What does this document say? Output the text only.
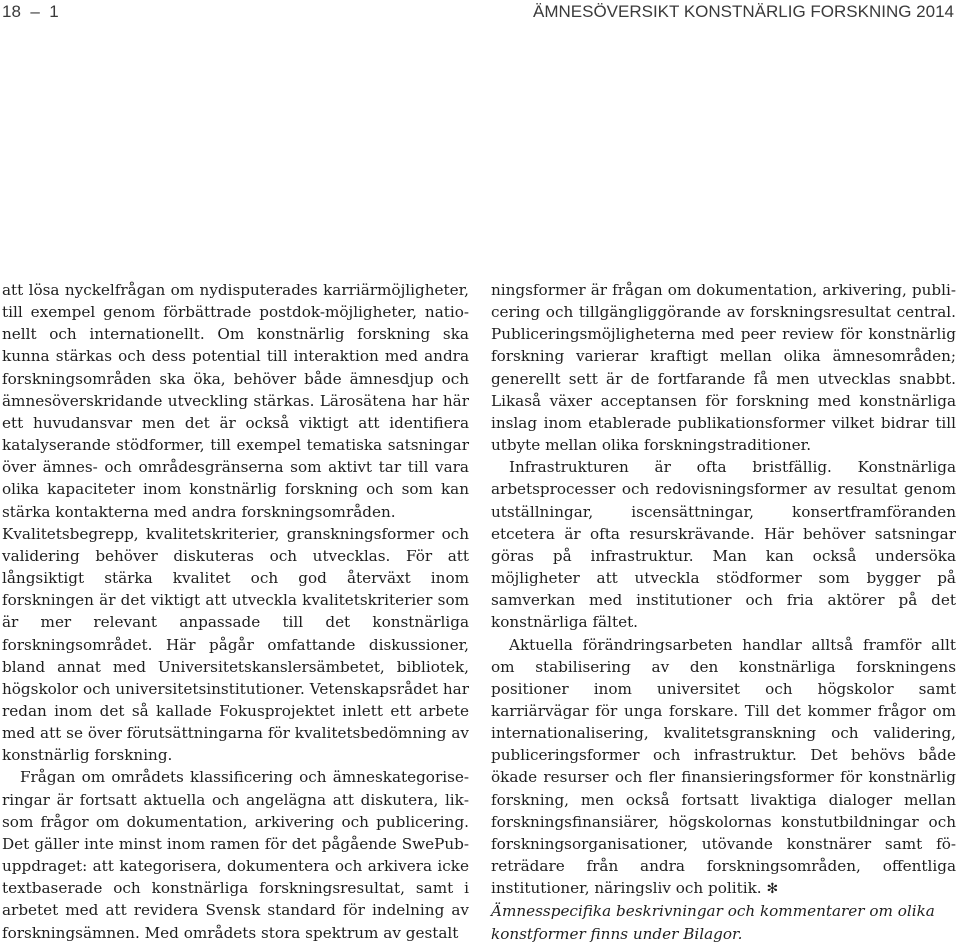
18  –  1	ÄMNESÖVERSIKT KONSTNÄRLIG FORSKNING 2014

att lösa nyckelfrågan om nydisputerades karriärmöjligheter, till exempel genom förbättrade postdok-möjligheter, nationellt och internationellt. Om konstnärlig forskning ska kunna stärkas och dess potential till interaktion med andra forskningsområden ska öka, behöver både ämnesdjup och ämnesöverskridande utveckling stärkas. Lärosätena har här ett huvudansvar men det är också viktigt att identifiera katalyserande stödformer, till exempel tematiska satsningar över ämnes- och områdesgränserna som aktivt tar till vara olika kapaciteter inom konstnärlig forskning och som kan stärka kontakterna med andra forskningsområden.

Kvalitetsbegrepp, kvalitetskriterier, granskningsformer och validering behöver diskuteras och utvecklas. För att långsiktigt stärka kvalitet och god återväxt inom forskningen är det viktigt att utveckla kvalitetskriterier som är mer relevant anpassade till det konstnärliga forskningsområdet. Här pågår omfattande diskussioner, bland annat med Universitetskanslersämbetet, bibliotek, högskolor och universitetsinstitutioner. Vetenskapsrådet har redan inom det så kallade Fokusprojektet inlett ett arbete med att se över förutsättningarna för kvalitetsbedömning av konstnärlig forskning.

Frågan om områdets klassificering och ämneskategoriseringar är fortsatt aktuella och angelägna att diskutera, liksom frågor om dokumentation, arkivering och publicering. Det gäller inte minst inom ramen för det pågående SwePubuppdraget: att kategorisera, dokumentera och arkivera icke textbaserade och konstnärliga forskningsresultat, samt i arbetet med att revidera Svensk standard för indelning av forskningsämnen. Med områdets stora spektrum av gestalt

ningsformer är frågan om dokumentation, arkivering, publicering och tillgängliggörande av forskningsresultat central. Publiceringsmöjligheterna med peer review för konstnärlig forskning varierar kraftigt mellan olika ämnesområden; generellt sett är de fortfarande få men utvecklas snabbt. Likaså växer acceptansen för forskning med konstnärliga inslag inom etablerade publikationsformer vilket bidrar till utbyte mellan olika forskningstraditioner.

Infrastrukturen är ofta bristfällig. Konstnärliga arbetsprocesser och redovisningsformer av resultat genom utställningar, iscensättningar, konsertframföranden etcetera är ofta resurskrävande. Här behöver satsningar göras på infrastruktur. Man kan också undersöka möjligheter att utveckla stödformer som bygger på samverkan med institutioner och fria aktörer på det konstnärliga fältet.

Aktuella förändringsarbeten handlar alltså framför allt om stabilisering av den konstnärliga forskningens positioner inom universitet och högskolor samt karriärvägar för unga forskare. Till det kommer frågor om internationalisering, kvalitetsgranskning och validering, publiceringsformer och infrastruktur. Det behövs både ökade resurser och fler finansieringsformer för konstnärlig forskning, men också fortsatt livaktiga dialoger mellan forskningsfinansiärer, högskolornas konstutbildningar och forskningsorganisationer, utövande konstnärer samt företrädare från andra forskningsområden, offentliga institutioner, näringsliv och politik. ✻

Ämnesspecifika beskrivningar och kommentarer om olika konstformer finns under Bilagor.
